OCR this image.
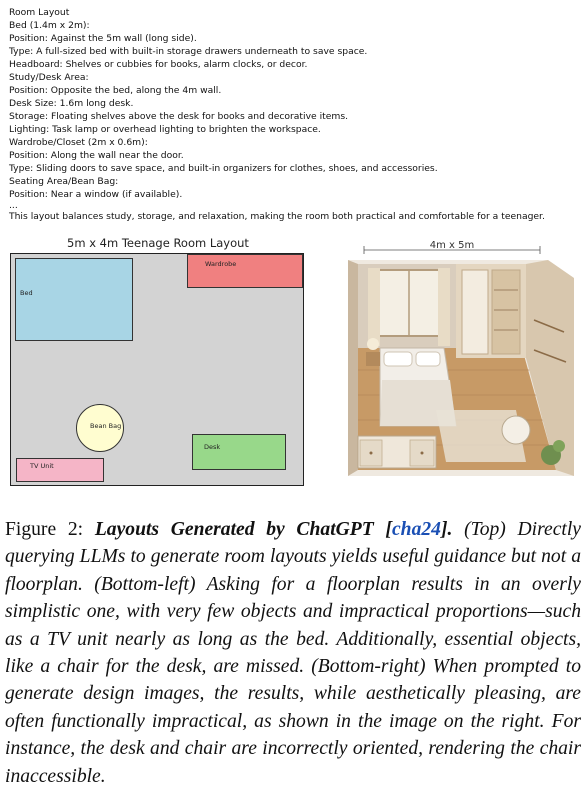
Room Layout
Bed (1.4m x 2m):
Position: Against the 5m wall (long side).
Type: A full-sized bed with built-in storage drawers underneath to save space.
Headboard: Shelves or cubbies for books, alarm clocks, or decor.
Study/Desk Area:
Position: Opposite the bed, along the 4m wall.
Desk Size: 1.6m long desk.
Storage: Floating shelves above the desk for books and decorative items.
Lighting: Task lamp or overhead lighting to brighten the workspace.
Wardrobe/Closet (2m x 0.6m):
Position: Along the wall near the door.
Type: Sliding doors to save space, and built-in organizers for clothes, shoes, and accessories.
Seating Area/Bean Bag:
Position: Near a window (if available).
...
This layout balances study, storage, and relaxation, making the room both practical and comfortable for a teenager.
5m x 4m Teenage Room Layout
Bed
Wardrobe
Bean Bag
Desk
TV Unit
4m x 5m
Figure 2: Layouts Generated by ChatGPT [cha24]. (Top) Directly querying LLMs to generate room layouts yields useful guidance but not a floorplan. (Bottom-left) Asking for a floorplan results in an overly simplistic one, with very few objects and impractical proportions—such as a TV unit nearly as long as the bed. Additionally, essential objects, like a chair for the desk, are missed. (Bottom-right) When prompted to generate design images, the results, while aesthetically pleasing, are often functionally impractical, as shown in the image on the right. For instance, the desk and chair are incorrectly oriented, rendering the chair inaccessible.
